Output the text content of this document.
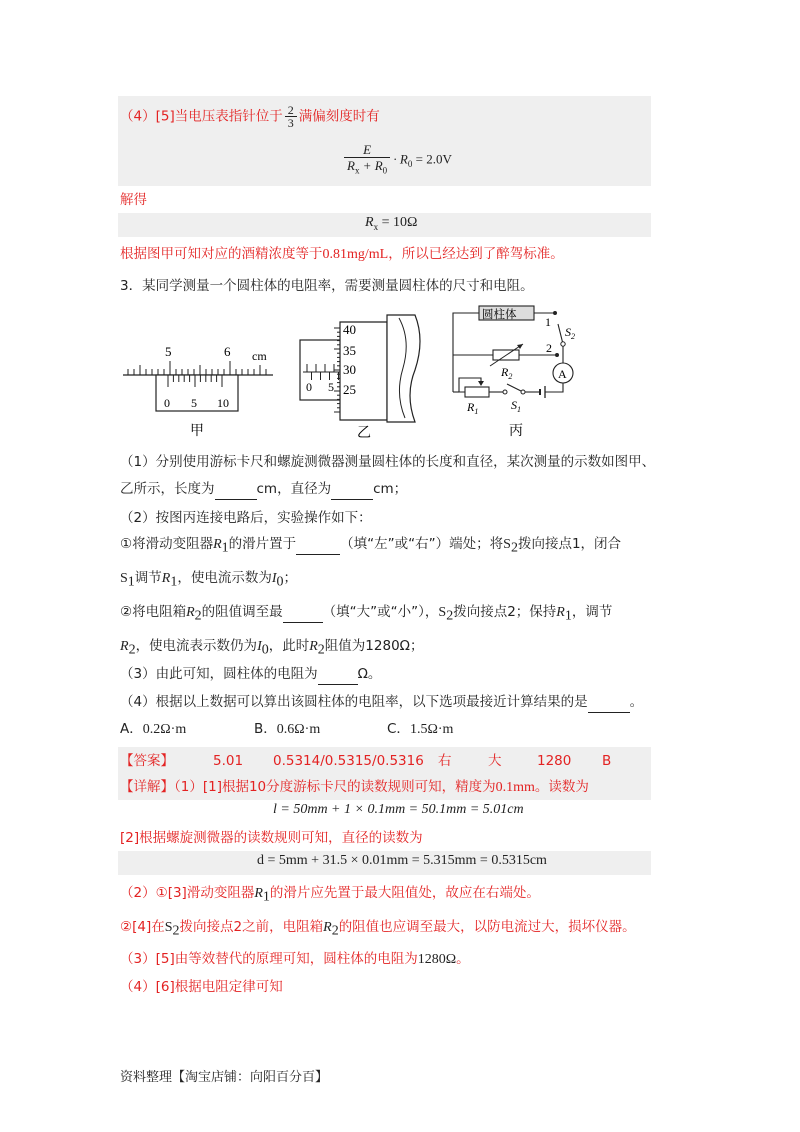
（4）[5]当电压表指针位于 $\frac{2}{3}$ 满偏刻度时有
$\frac{E}{R_x + R_0} \cdot R_0 = 2.0V$
解得
$R_x = 10\Omega$
根据图甲可知对应的酒精浓度等于0.81mg/mL，所以已经达到了醉驾标准。
3．某同学测量一个圆柱体的电阻率，需要测量圆柱体的尺寸和电阻。
5	6 cm
0 5 10
甲
0 5
40
35
30
25
乙
圆柱体 1
$S_2$
2
$R_2$	A
$S_1$
$R_1$
丙
（1）分别使用游标卡尺和螺旋测微器测量圆柱体的长度和直径，某次测量的示数如图甲、
乙所示，长度为	cm，直径为	cm；
（2）按图丙连接电路后，实验操作如下：
①将滑动变阻器$R_1$的滑片置于	（填“左”或“右”）端处；将$S_2$拨向接点1，闭合
$S_1$调节$R_1$，使电流示数为$I_0$；
②将电阻箱$R_2$的阻值调至最	（填“大”或“小”），$S_2$拨向接点2；保持$R_1$，调节
$R_2$，使电流表示数仍为$I_0$，此时$R_2$阻值为1280Ω；
（3）由此可知，圆柱体的电阻为	Ω。
（4）根据以上数据可以算出该圆柱体的电阻率，以下选项最接近计算结果的是	。
A．0.2Ω·m	B．0.6Ω·m	C．1.5Ω·m
【答案】	5.01 0.5314/0.5315/0.5316 右	大	1280 B
【详解】（1）[1]根据10分度游标卡尺的读数规则可知，精度为0.1mm。读数为
l = 50mm + 1 × 0.1mm = 50.1mm = 5.01cm
[2]根据螺旋测微器的读数规则可知，直径的读数为
d = 5mm + 31.5 × 0.01mm = 5.315mm = 0.5315cm
（2）①[3]滑动变阻器$R_1$的滑片应先置于最大阻值处，故应在右端处。
②[4]在$S_2$拨向接点2之前，电阻箱$R_2$的阻值也应调至最大，以防电流过大，损坏仪器。
（3）[5]由等效替代的原理可知，圆柱体的电阻为1280Ω。
（4）[6]根据电阻定律可知
资料整理【淘宝店铺：向阳百分百】
